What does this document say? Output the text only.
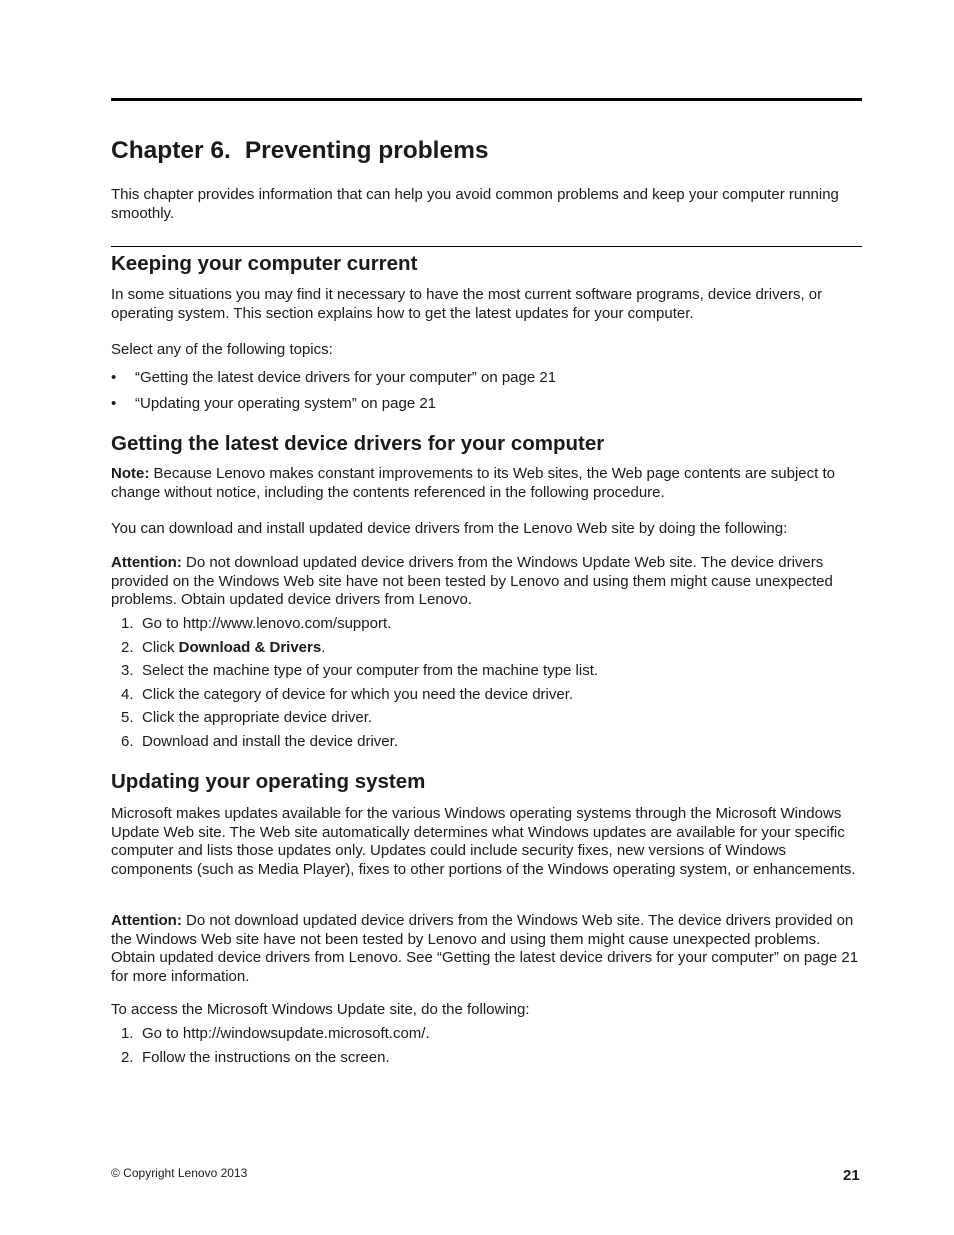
Chapter 6. Preventing problems

This chapter provides information that can help you avoid common problems and keep your computer running smoothly.

Keeping your computer current

In some situations you may find it necessary to have the most current software programs, device drivers, or operating system. This section explains how to get the latest updates for your computer.

Select any of the following topics:

• “Getting the latest device drivers for your computer” on page 21
• “Updating your operating system” on page 21
Getting the latest device drivers for your computer

Note: Because Lenovo makes constant improvements to its Web sites, the Web page contents are subject to change without notice, including the contents referenced in the following procedure.

You can download and install updated device drivers from the Lenovo Web site by doing the following:

Attention: Do not download updated device drivers from the Windows Update Web site. The device drivers provided on the Windows Web site have not been tested by Lenovo and using them might cause unexpected problems. Obtain updated device drivers from Lenovo.

1. Go to http://www.lenovo.com/support.
2. Click Download & Drivers.
3. Select the machine type of your computer from the machine type list.
4. Click the category of device for which you need the device driver.
5. Click the appropriate device driver.
6. Download and install the device driver.
Updating your operating system

Microsoft makes updates available for the various Windows operating systems through the Microsoft Windows Update Web site. The Web site automatically determines what Windows updates are available for your specific computer and lists those updates only. Updates could include security fixes, new versions of Windows components (such as Media Player), fixes to other portions of the Windows operating system, or enhancements.

Attention: Do not download updated device drivers from the Windows Web site. The device drivers provided on the Windows Web site have not been tested by Lenovo and using them might cause unexpected problems. Obtain updated device drivers from Lenovo. See “Getting the latest device drivers for your computer” on page 21 for more information.

To access the Microsoft Windows Update site, do the following:

1. Go to http://windowsupdate.microsoft.com/.
2. Follow the instructions on the screen.
© Copyright Lenovo 2013	21
